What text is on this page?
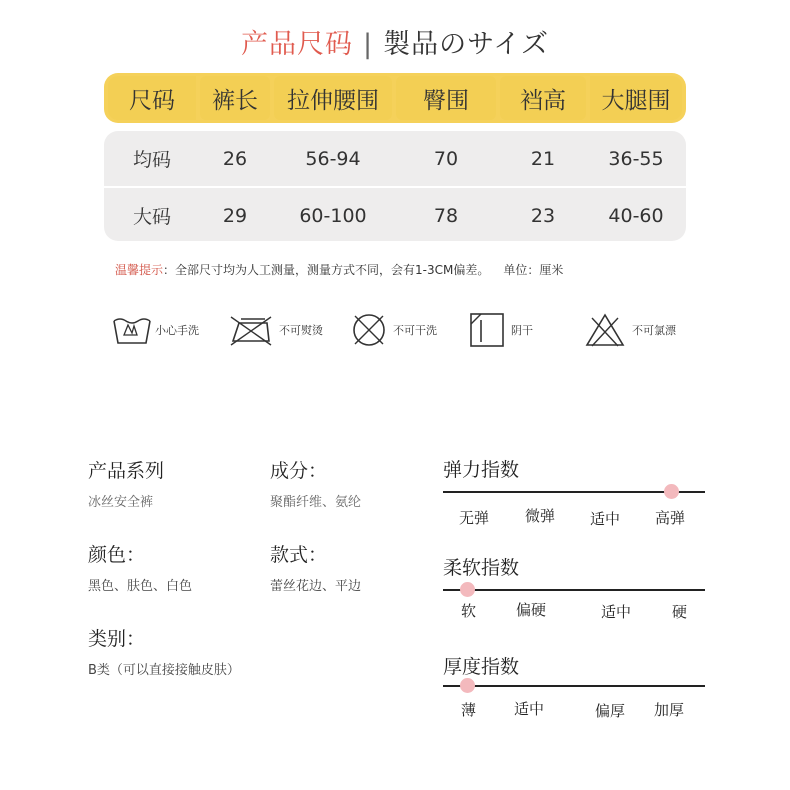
产品尺码 | 製品のサイズ
尺码	裤长	拉伸腰围	臀围	裆高	大腿围
均码	26	56-94	70	21	36-55
大码	29	60-100	78	23	40-60
温馨提示：全部尺寸均为人工测量，测量方式不同，会有1-3CM偏差。 单位：厘米
小心手洗	不可熨烫	不可干洗	阴干	不可氯漂
产品系列
冰丝安全裤
成分：
聚酯纤维、氨纶
颜色：
黑色、肤色、白色
款式：
蕾丝花边、平边
类别：
B类（可以直接接触皮肤）
弹力指数
无弹 微弹 适中 高弹
柔软指数
软	偏硬	适中	硬
厚度指数
薄	适中	偏厚 加厚
